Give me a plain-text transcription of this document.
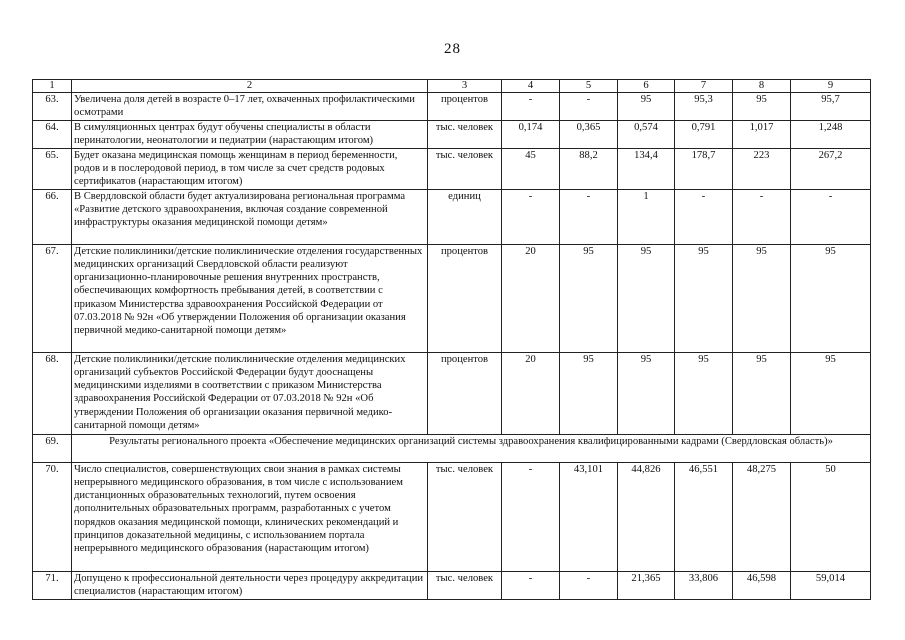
28
1	2	3	4	5	6	7	8	9
63.	Увеличена доля детей в возрасте 0–17 лет, охваченных профилактическими осмотрами	процентов	-	-	95	95,3	95	95,7
64.	В симуляционных центрах будут обучены специалисты в области перинатологии, неонатологии и педиатрии (нарастающим итогом)	тыс. человек	0,174	0,365	0,574	0,791	1,017	1,248
65.	Будет оказана медицинская помощь женщинам в период беременности, родов и в послеродовой период, в том числе за счет средств родовых сертификатов (нарастающим итогом)	тыс. человек	45	88,2	134,4	178,7	223	267,2
66.	В Свердловской области будет актуализирована региональная программа «Развитие детского здравоохранения, включая создание современной инфраструктуры оказания медицинской помощи детям»	единиц	-	-	1	-	-	-
67.	Детские поликлиники/детские поликлинические отделения государственных медицинских организаций Свердловской области реализуют организационно-планировочные решения внутренних пространств, обеспечивающих комфортность пребывания детей, в соответствии с приказом Министерства здравоохранения Российской Федерации от 07.03.2018 № 92н «Об утверждении Положения об организации оказания первичной медико-санитарной помощи детям»	процентов	20	95	95	95	95	95
68.	Детские поликлиники/детские поликлинические отделения медицинских организаций субъектов Российской Федерации будут дооснащены медицинскими изделиями в соответствии с приказом Министерства здравоохранения Российской Федерации от 07.03.2018 № 92н «Об утверждении Положения об организации оказания первичной медико-санитарной помощи детям»	процентов	20	95	95	95	95	95
69.	Результаты регионального проекта «Обеспечение медицинских организаций системы здравоохранения квалифицированными кадрами (Свердловская область)»							
70.	Число специалистов, совершенствующих свои знания в рамках системы непрерывного медицинского образования, в том числе с использованием дистанционных образовательных технологий, путем освоения дополнительных образовательных программ, разработанных с учетом порядков оказания медицинской помощи, клинических рекомендаций и принципов доказательной медицины, с использованием портала непрерывного медицинского образования (нарастающим итогом)	тыс. человек	-	43,101	44,826	46,551	48,275	50
71.	Допущено к профессиональной деятельности через процедуру аккредитации специалистов (нарастающим итогом)	тыс. человек	-	-	21,365	33,806	46,598	59,014
